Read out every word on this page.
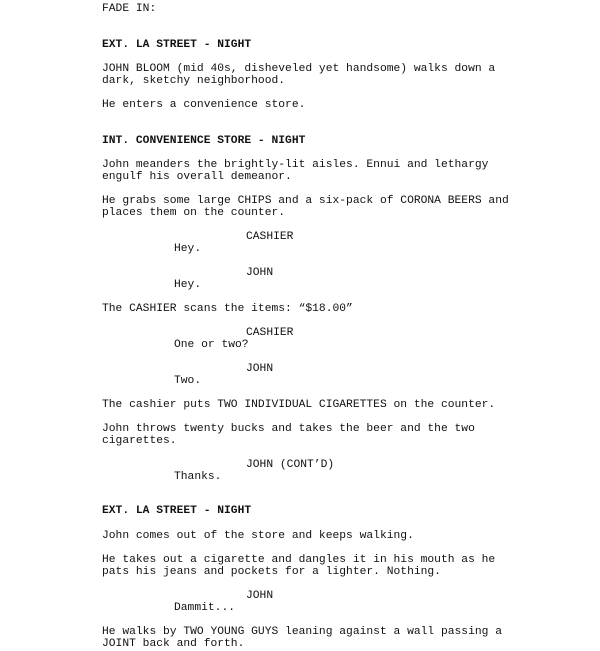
FADE IN:
EXT. LA STREET - NIGHT
JOHN BLOOM (mid 40s, disheveled yet handsome) walks down a
dark, sketchy neighborhood.
He enters a convenience store.
INT. CONVENIENCE STORE - NIGHT
John meanders the brightly-lit aisles. Ennui and lethargy
engulf his overall demeanor.
He grabs some large CHIPS and a six-pack of CORONA BEERS and
places them on the counter.
CASHIER
Hey.
JOHN
Hey.
The CASHIER scans the items: “$18.00”
CASHIER
One or two?
JOHN
Two.
The cashier puts TWO INDIVIDUAL CIGARETTES on the counter.
John throws twenty bucks and takes the beer and the two
cigarettes.
JOHN (CONT’D)
Thanks.
EXT. LA STREET - NIGHT
John comes out of the store and keeps walking.
He takes out a cigarette and dangles it in his mouth as he
pats his jeans and pockets for a lighter. Nothing.
JOHN
Dammit...
He walks by TWO YOUNG GUYS leaning against a wall passing a
JOINT back and forth.
